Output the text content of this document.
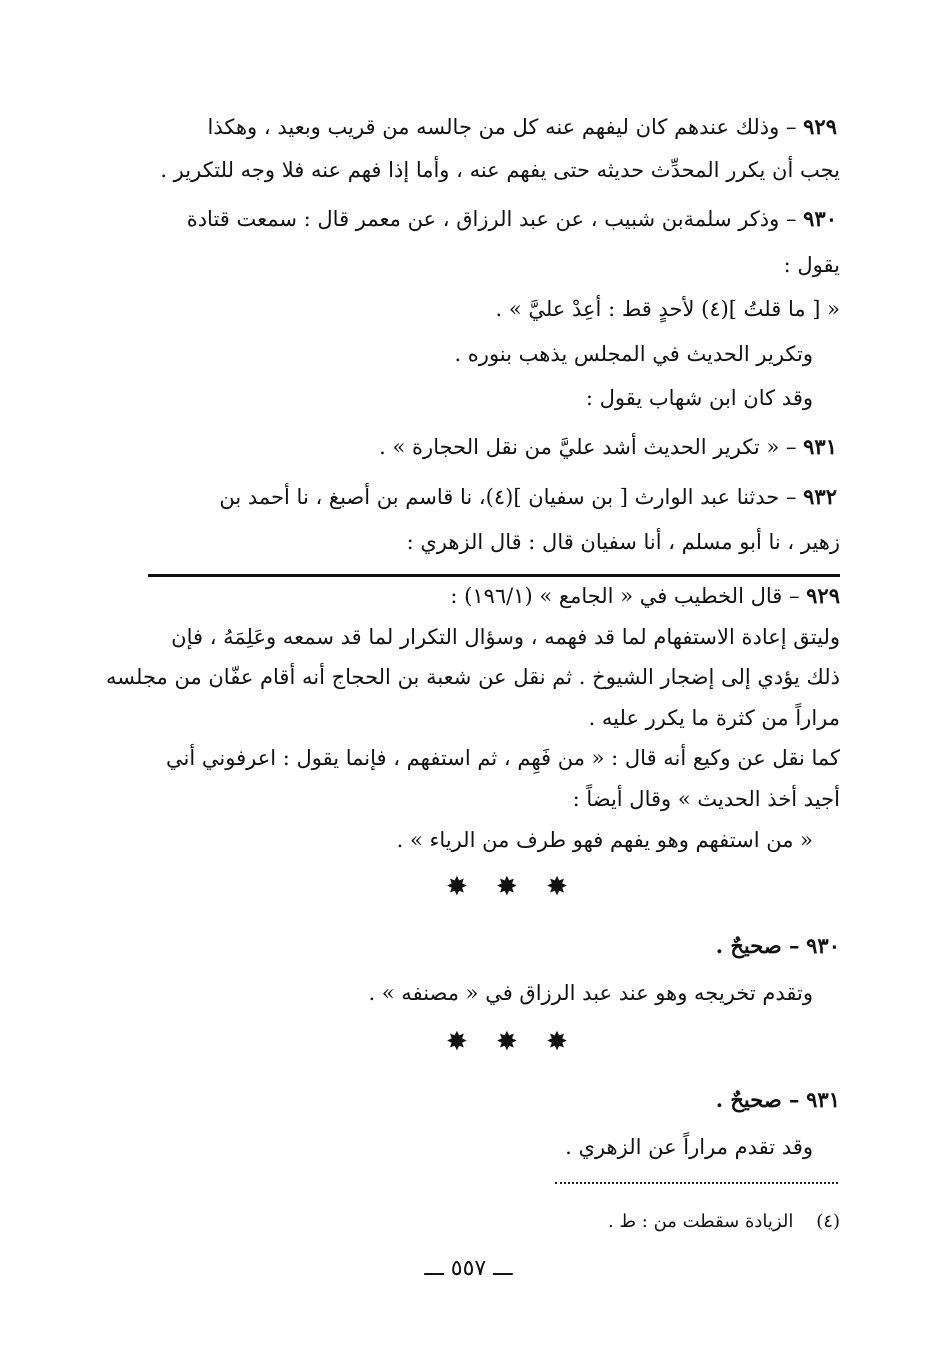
٩٢٩ – وذلك عندهم كان ليفهم عنه كل من جالسه من قريب وبعيد ، وهكذا
يجب أن يكرر المحدِّث حديثه حتى يفهم عنه ، وأما إذا فهم عنه فلا وجه للتكرير .
٩٣٠ – وذكر سلمةبن شبيب ، عن عبد الرزاق ، عن معمر قال : سمعت قتادة
يقول :
« [ ما قلتُ ](٤) لأحدٍ قط : أعِدْ عليَّ » .
وتكرير الحديث في المجلس يذهب بنوره .
وقد كان ابن شهاب يقول :
٩٣١ – « تكرير الحديث أشد عليَّ من نقل الحجارة » .
٩٣٢ – حدثنا عبد الوارث [ بن سفيان ](٤)، نا قاسم بن أصبغ ، نا أحمد بن
زهير ، نا أبو مسلم ، أنا سفيان قال : قال الزهري :
٩٢٩ – قال الخطيب في « الجامع » (١٩٦/١) :
وليتق إعادة الاستفهام لما قد فهمه ، وسؤال التكرار لما قد سمعه وعَلِمَهُ ، فإن
ذلك يؤدي إلى إضجار الشيوخ . ثم نقل عن شعبة بن الحجاج أنه أقام عفّان من مجلسه
مراراً من كثرة ما يكرر عليه .
كما نقل عن وكيع أنه قال : « من فَهِم ، ثم استفهم ، فإنما يقول : اعرفوني أني
أجيد أخذ الحديث » وقال أيضاً :
« من استفهم وهو يفهم فهو طرف من الرياء » .
✸ ✸ ✸
٩٣٠ – صحيحٌ .
وتقدم تخريجه وهو عند عبد الرزاق في « مصنفه » .
✸ ✸ ✸
٩٣١ – صحيحٌ .
وقد تقدم مراراً عن الزهري .
(٤)    الزيادة سقطت من : ط .
ـــ ٥٥٧ ـــ
